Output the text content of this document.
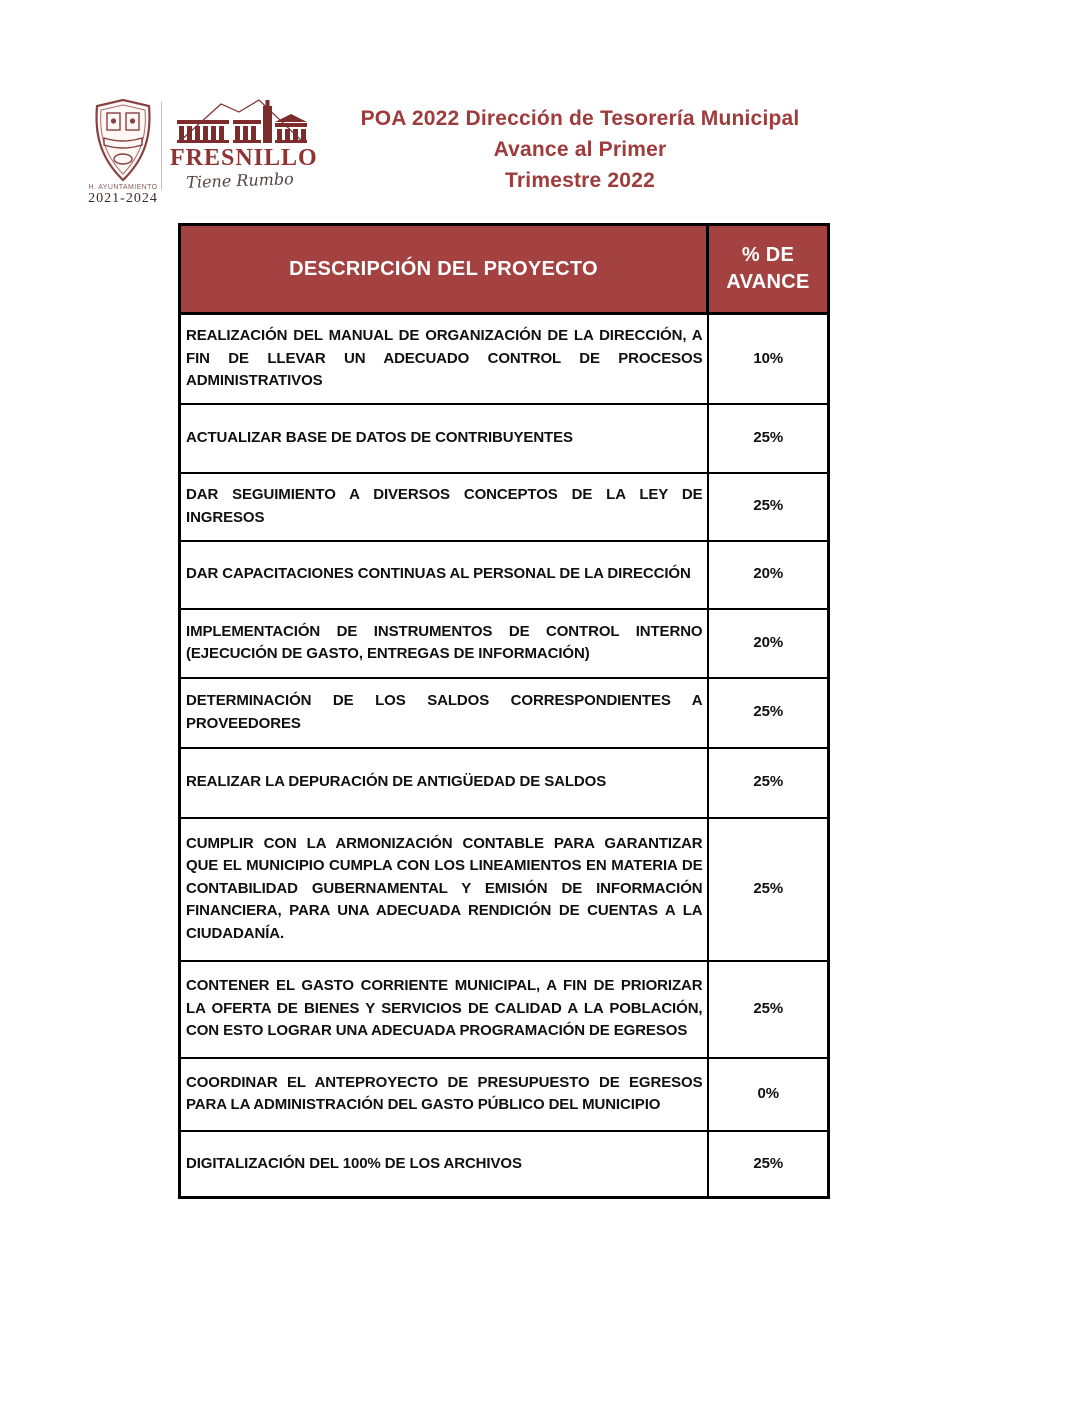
H. AYUNTAMIENTO
2021-2024
FRESNILLO
Tiene Rumbo
POA 2022 Dirección de Tesorería Municipal
Avance al Primer
Trimestre 2022
DESCRIPCIÓN DEL PROYECTO	% DE AVANCE
REALIZACIÓN DEL MANUAL DE ORGANIZACIÓN DE LA DIRECCIÓN, A FIN DE LLEVAR UN ADECUADO CONTROL DE PROCESOS ADMINISTRATIVOS	10%
ACTUALIZAR BASE DE DATOS DE CONTRIBUYENTES	25%
DAR SEGUIMIENTO A DIVERSOS CONCEPTOS DE LA LEY DE INGRESOS	25%
DAR CAPACITACIONES CONTINUAS AL PERSONAL DE LA DIRECCIÓN	20%
IMPLEMENTACIÓN DE INSTRUMENTOS DE CONTROL INTERNO (EJECUCIÓN DE GASTO, ENTREGAS DE INFORMACIÓN)	20%
DETERMINACIÓN DE LOS SALDOS CORRESPONDIENTES A PROVEEDORES	25%
REALIZAR LA DEPURACIÓN DE ANTIGÜEDAD DE SALDOS	25%
CUMPLIR CON LA ARMONIZACIÓN CONTABLE PARA GARANTIZAR QUE EL MUNICIPIO CUMPLA CON LOS LINEAMIENTOS EN MATERIA DE CONTABILIDAD GUBERNAMENTAL Y EMISIÓN DE INFORMACIÓN FINANCIERA, PARA UNA ADECUADA RENDICIÓN DE CUENTAS A LA CIUDADANÍA.	25%
CONTENER EL GASTO CORRIENTE MUNICIPAL, A FIN DE PRIORIZAR LA OFERTA DE BIENES Y SERVICIOS DE CALIDAD A LA POBLACIÓN, CON ESTO LOGRAR UNA ADECUADA PROGRAMACIÓN DE EGRESOS	25%
COORDINAR EL ANTEPROYECTO DE PRESUPUESTO DE EGRESOS PARA LA ADMINISTRACIÓN DEL GASTO PÚBLICO DEL MUNICIPIO	0%
DIGITALIZACIÓN DEL 100% DE LOS ARCHIVOS	25%
